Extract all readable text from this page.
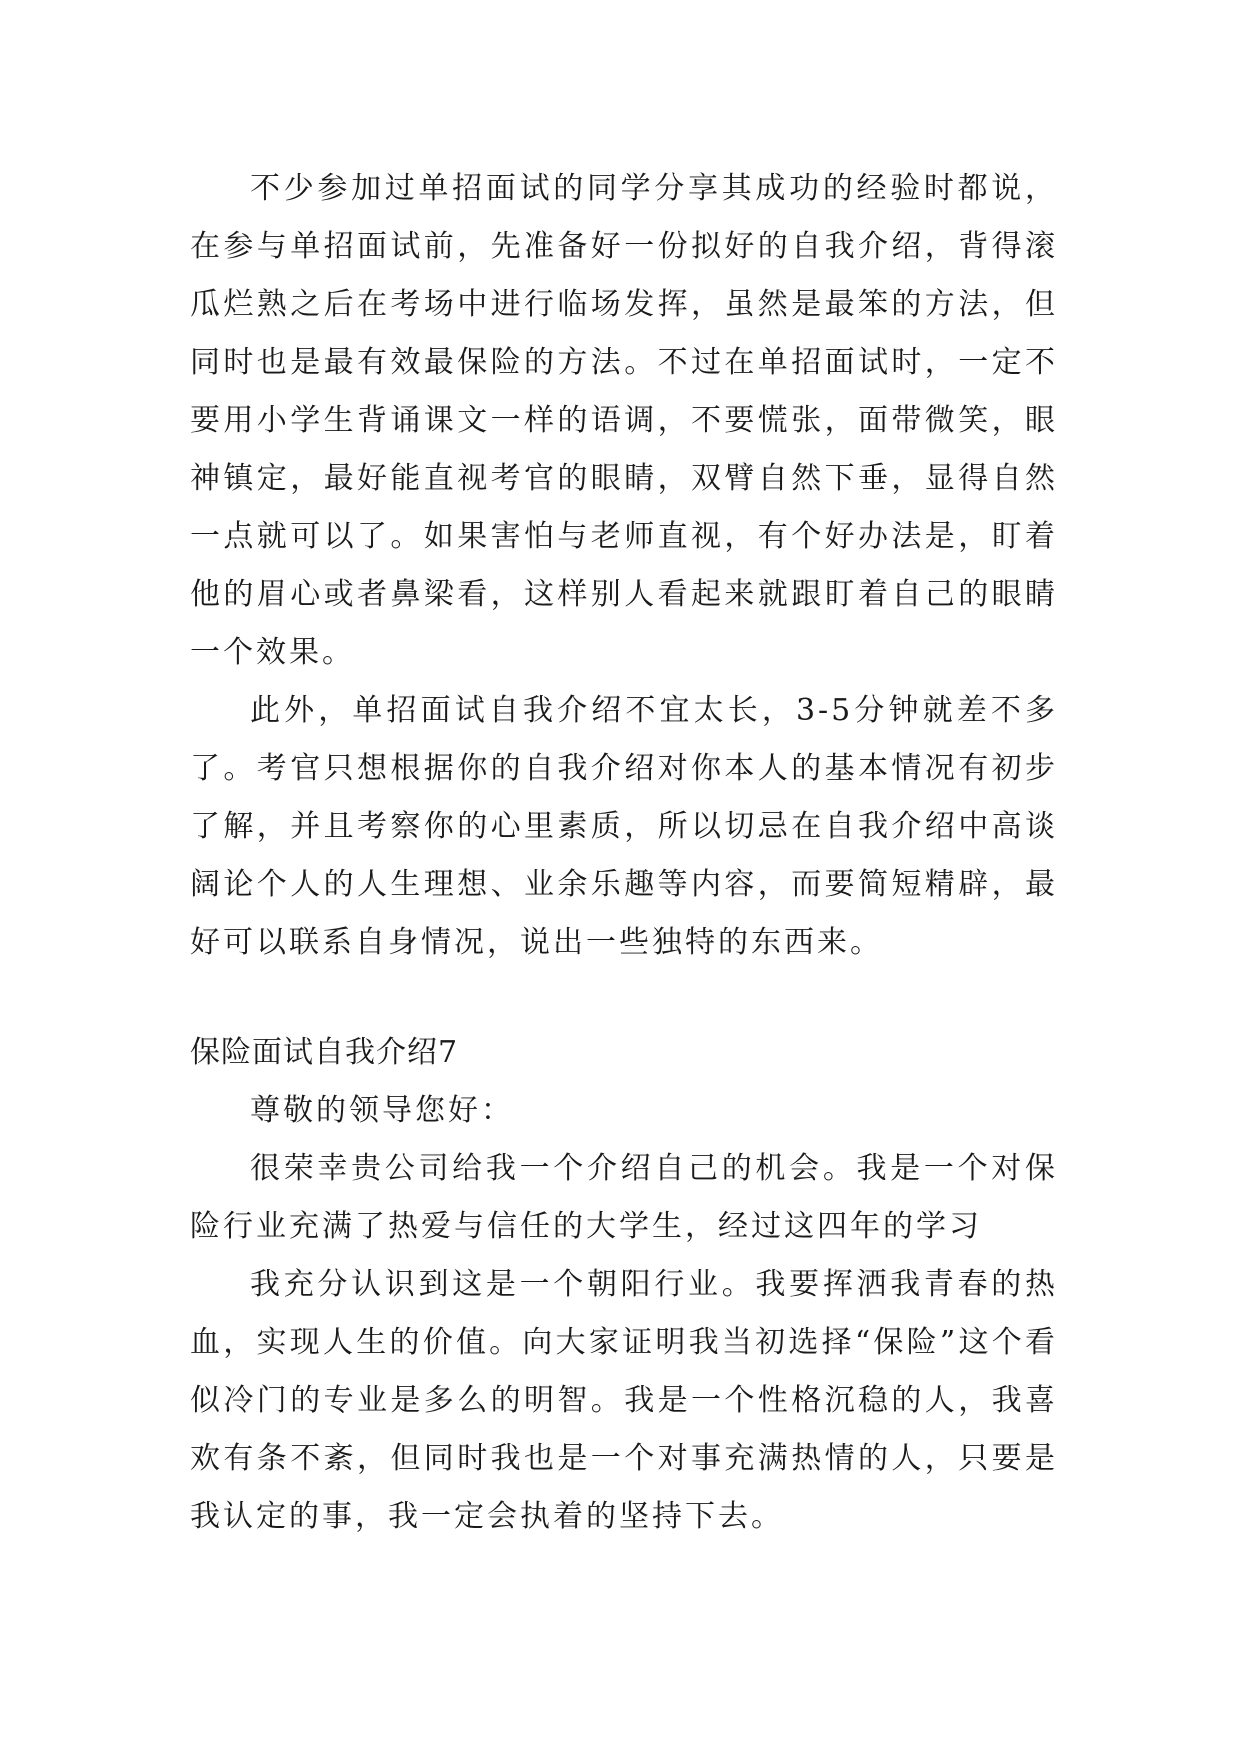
不少参加过单招面试的同学分享其成功的经验时都说，在参与单招面试前，先准备好一份拟好的自我介绍，背得滚瓜烂熟之后在考场中进行临场发挥，虽然是最笨的方法，但同时也是最有效最保险的方法。不过在单招面试时，一定不要用小学生背诵课文一样的语调，不要慌张，面带微笑，眼神镇定，最好能直视考官的眼睛，双臂自然下垂，显得自然一点就可以了。如果害怕与老师直视，有个好办法是，盯着他的眉心或者鼻梁看，这样别人看起来就跟盯着自己的眼睛一个效果。

此外，单招面试自我介绍不宜太长，3-5分钟就差不多了。考官只想根据你的自我介绍对你本人的基本情况有初步了解，并且考察你的心里素质，所以切忌在自我介绍中高谈阔论个人的人生理想、业余乐趣等内容，而要简短精辟，最好可以联系自身情况，说出一些独特的东西来。

保险面试自我介绍7

尊敬的领导您好：

很荣幸贵公司给我一个介绍自己的机会。我是一个对保险行业充满了热爱与信任的大学生，经过这四年的学习

我充分认识到这是一个朝阳行业。我要挥洒我青春的热血，实现人生的价值。向大家证明我当初选择“保险”这个看似冷门的专业是多么的明智。我是一个性格沉稳的人，我喜欢有条不紊，但同时我也是一个对事充满热情的人，只要是我认定的事，我一定会执着的坚持下去。
